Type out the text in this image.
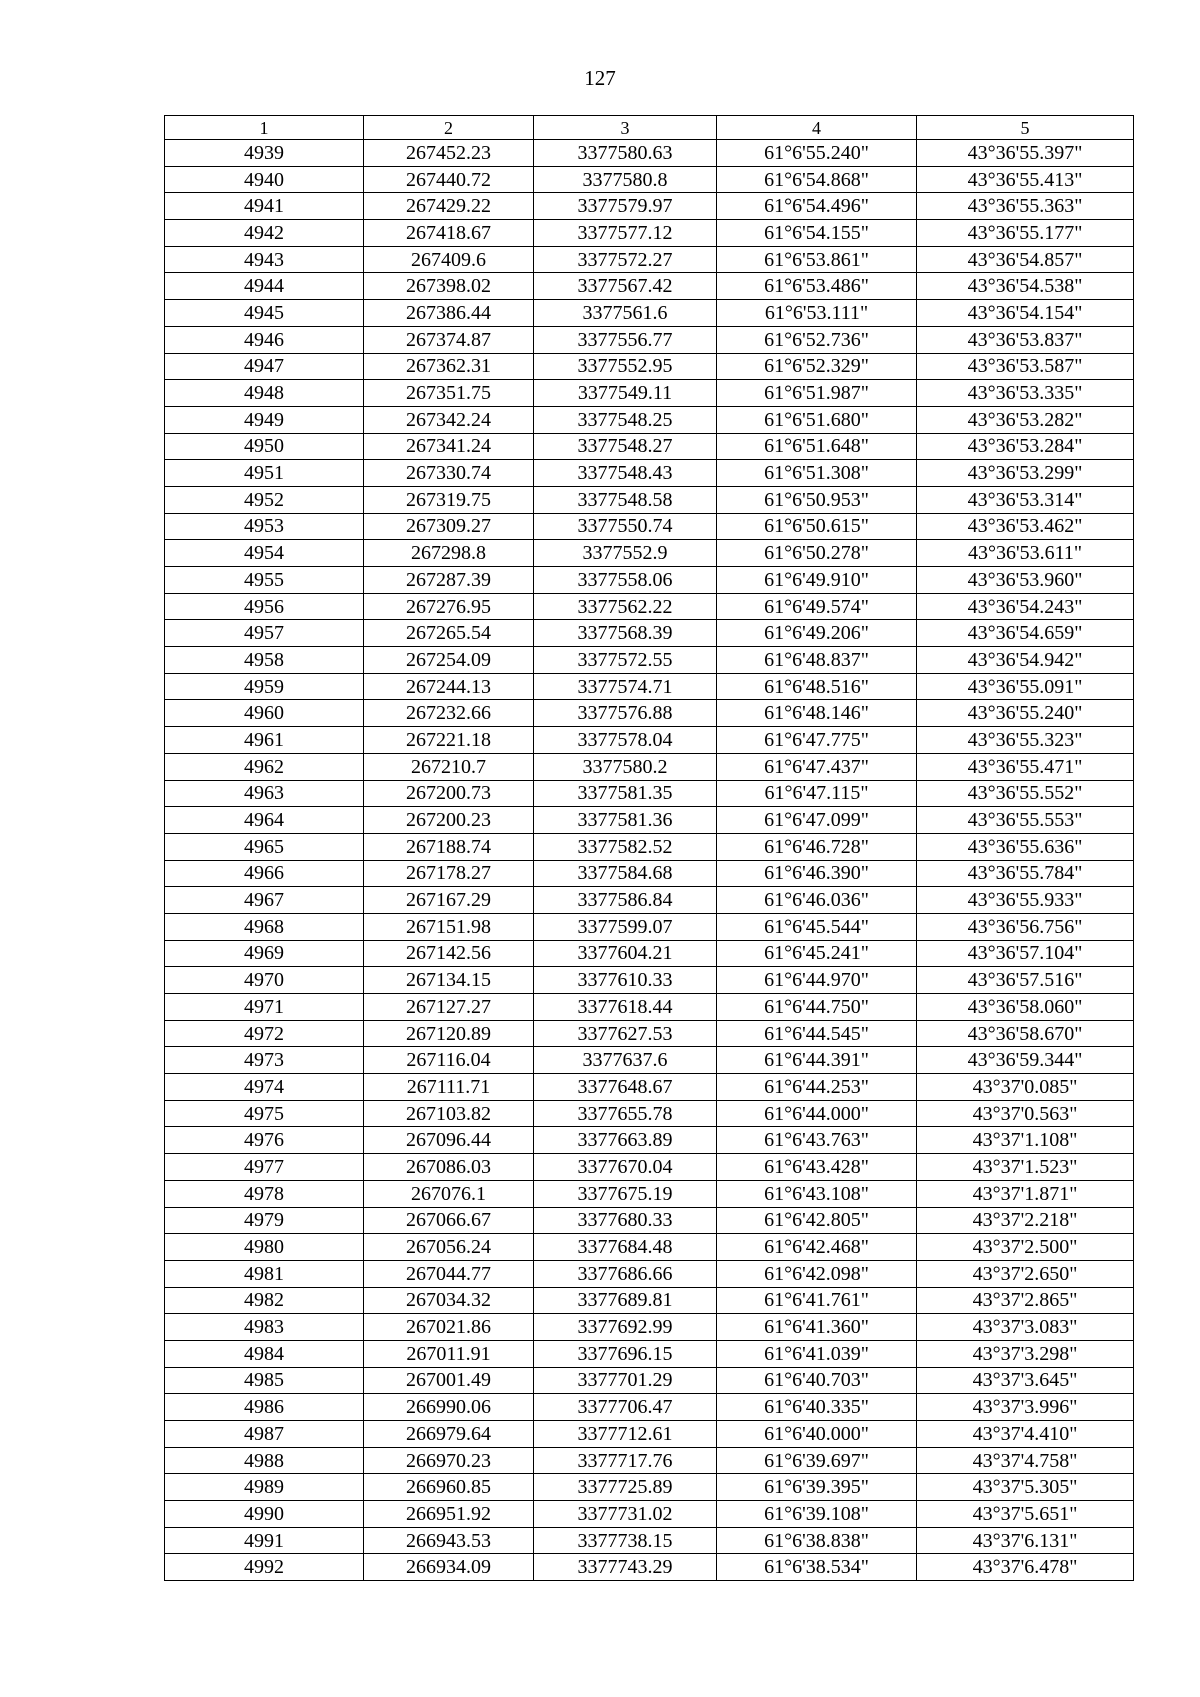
127
1	2	3	4	5
4939	267452.23	3377580.63	61°6'55.240"	43°36'55.397"
4940	267440.72	3377580.8	61°6'54.868"	43°36'55.413"
4941	267429.22	3377579.97	61°6'54.496"	43°36'55.363"
4942	267418.67	3377577.12	61°6'54.155"	43°36'55.177"
4943	267409.6	3377572.27	61°6'53.861"	43°36'54.857"
4944	267398.02	3377567.42	61°6'53.486"	43°36'54.538"
4945	267386.44	3377561.6	61°6'53.111"	43°36'54.154"
4946	267374.87	3377556.77	61°6'52.736"	43°36'53.837"
4947	267362.31	3377552.95	61°6'52.329"	43°36'53.587"
4948	267351.75	3377549.11	61°6'51.987"	43°36'53.335"
4949	267342.24	3377548.25	61°6'51.680"	43°36'53.282"
4950	267341.24	3377548.27	61°6'51.648"	43°36'53.284"
4951	267330.74	3377548.43	61°6'51.308"	43°36'53.299"
4952	267319.75	3377548.58	61°6'50.953"	43°36'53.314"
4953	267309.27	3377550.74	61°6'50.615"	43°36'53.462"
4954	267298.8	3377552.9	61°6'50.278"	43°36'53.611"
4955	267287.39	3377558.06	61°6'49.910"	43°36'53.960"
4956	267276.95	3377562.22	61°6'49.574"	43°36'54.243"
4957	267265.54	3377568.39	61°6'49.206"	43°36'54.659"
4958	267254.09	3377572.55	61°6'48.837"	43°36'54.942"
4959	267244.13	3377574.71	61°6'48.516"	43°36'55.091"
4960	267232.66	3377576.88	61°6'48.146"	43°36'55.240"
4961	267221.18	3377578.04	61°6'47.775"	43°36'55.323"
4962	267210.7	3377580.2	61°6'47.437"	43°36'55.471"
4963	267200.73	3377581.35	61°6'47.115"	43°36'55.552"
4964	267200.23	3377581.36	61°6'47.099"	43°36'55.553"
4965	267188.74	3377582.52	61°6'46.728"	43°36'55.636"
4966	267178.27	3377584.68	61°6'46.390"	43°36'55.784"
4967	267167.29	3377586.84	61°6'46.036"	43°36'55.933"
4968	267151.98	3377599.07	61°6'45.544"	43°36'56.756"
4969	267142.56	3377604.21	61°6'45.241"	43°36'57.104"
4970	267134.15	3377610.33	61°6'44.970"	43°36'57.516"
4971	267127.27	3377618.44	61°6'44.750"	43°36'58.060"
4972	267120.89	3377627.53	61°6'44.545"	43°36'58.670"
4973	267116.04	3377637.6	61°6'44.391"	43°36'59.344"
4974	267111.71	3377648.67	61°6'44.253"	43°37'0.085"
4975	267103.82	3377655.78	61°6'44.000"	43°37'0.563"
4976	267096.44	3377663.89	61°6'43.763"	43°37'1.108"
4977	267086.03	3377670.04	61°6'43.428"	43°37'1.523"
4978	267076.1	3377675.19	61°6'43.108"	43°37'1.871"
4979	267066.67	3377680.33	61°6'42.805"	43°37'2.218"
4980	267056.24	3377684.48	61°6'42.468"	43°37'2.500"
4981	267044.77	3377686.66	61°6'42.098"	43°37'2.650"
4982	267034.32	3377689.81	61°6'41.761"	43°37'2.865"
4983	267021.86	3377692.99	61°6'41.360"	43°37'3.083"
4984	267011.91	3377696.15	61°6'41.039"	43°37'3.298"
4985	267001.49	3377701.29	61°6'40.703"	43°37'3.645"
4986	266990.06	3377706.47	61°6'40.335"	43°37'3.996"
4987	266979.64	3377712.61	61°6'40.000"	43°37'4.410"
4988	266970.23	3377717.76	61°6'39.697"	43°37'4.758"
4989	266960.85	3377725.89	61°6'39.395"	43°37'5.305"
4990	266951.92	3377731.02	61°6'39.108"	43°37'5.651"
4991	266943.53	3377738.15	61°6'38.838"	43°37'6.131"
4992	266934.09	3377743.29	61°6'38.534"	43°37'6.478"
